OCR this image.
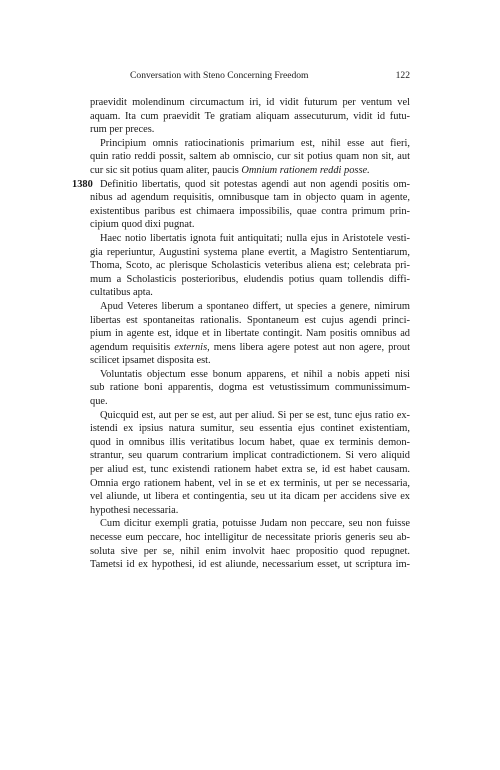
Conversation with Steno Concerning Freedom	122
praevidit molendinum circumactum iri, id vidit futurum per ventum vel
aquam. Ita cum praevidit Te gratiam aliquam assecuturum, vidit id futu-
rum per preces.
Principium omnis ratiocinationis primarium est, nihil esse aut fieri,
quin ratio reddi possit, saltem ab omniscio, cur sit potius quam non sit, aut
cur sic sit potius quam aliter, paucis Omnium rationem reddi posse.
1380 Definitio libertatis, quod sit potestas agendi aut non agendi positis om-
nibus ad agendum requisitis, omnibusque tam in objecto quam in agente,
existentibus paribus est chimaera impossibilis, quae contra primum prin-
cipium quod dixi pugnat.
Haec notio libertatis ignota fuit antiquitati; nulla ejus in Aristotele vesti-
gia reperiuntur, Augustini systema plane evertit, a Magistro Sententiarum,
Thoma, Scoto, ac plerisque Scholasticis veteribus aliena est; celebrata pri-
mum a Scholasticis posterioribus, eludendis potius quam tollendis diffi-
cultatibus apta.
Apud Veteres liberum a spontaneo differt, ut species a genere, nimirum
libertas est spontaneitas rationalis. Spontaneum est cujus agendi princi-
pium in agente est, idque et in libertate contingit. Nam positis omnibus ad
agendum requisitis externis, mens libera agere potest aut non agere, prout
scilicet ipsamet disposita est.
Voluntatis objectum esse bonum apparens, et nihil a nobis appeti nisi
sub ratione boni apparentis, dogma est vetustissimum communissimum-
que.
Quicquid est, aut per se est, aut per aliud. Si per se est, tunc ejus ratio ex-
istendi ex ipsius natura sumitur, seu essentia ejus continet existentiam,
quod in omnibus illis veritatibus locum habet, quae ex terminis demon-
strantur, seu quarum contrarium implicat contradictionem. Si vero aliquid
per aliud est, tunc existendi rationem habet extra se, id est habet causam.
Omnia ergo rationem habent, vel in se et ex terminis, ut per se necessaria,
vel aliunde, ut libera et contingentia, seu ut ita dicam per accidens sive ex
hypothesi necessaria.
Cum dicitur exempli gratia, potuisse Judam non peccare, seu non fuisse
necesse eum peccare, hoc intelligitur de necessitate prioris generis seu ab-
soluta sive per se, nihil enim involvit haec propositio quod repugnet.
Tametsi id ex hypothesi, id est aliunde, necessarium esset, ut scriptura im-
